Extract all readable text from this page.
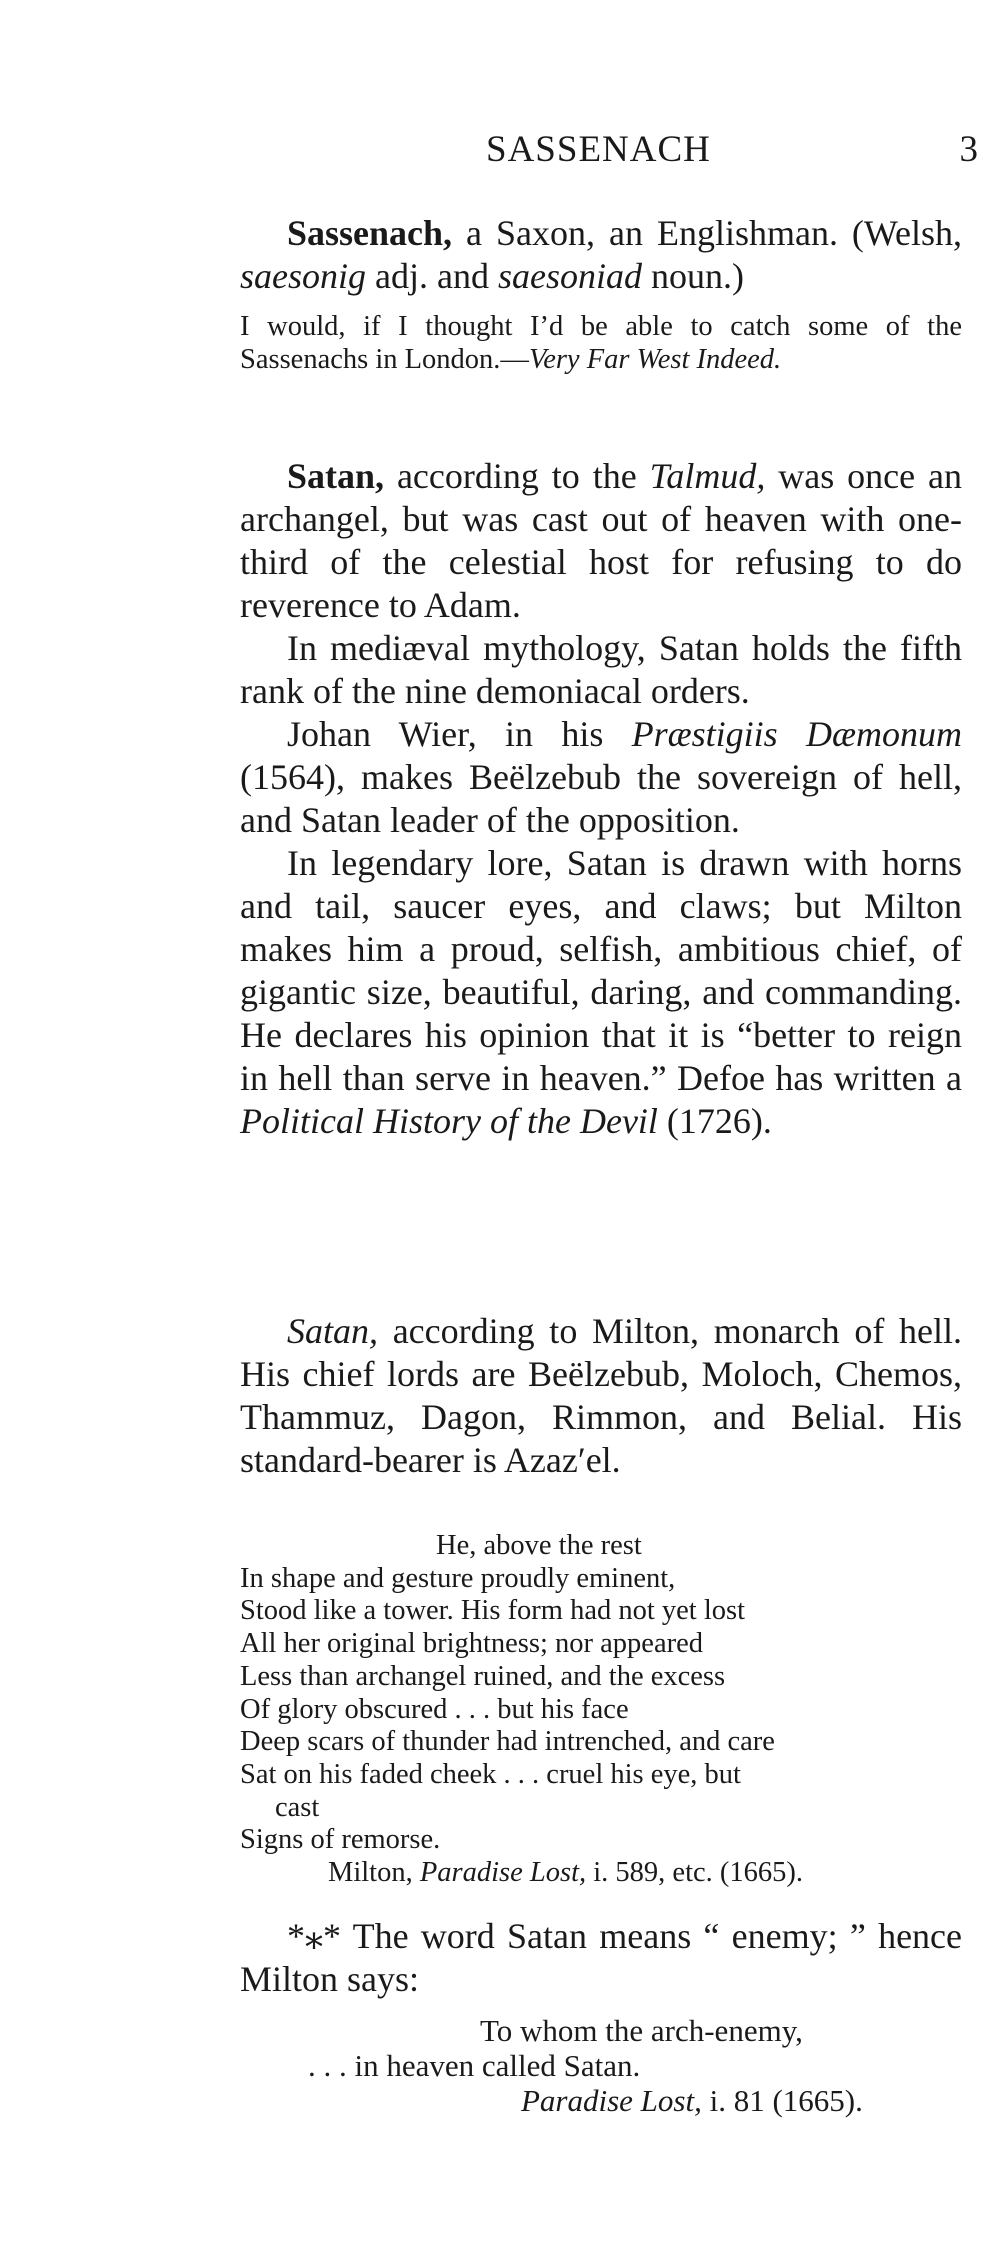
SASSENACH	3
Sassenach, a Saxon, an Englishman. (Welsh, saesonig adj. and saesoniad noun.)
I would, if I thought I’d be able to catch some of the Sassenachs in London.—Very Far West Indeed.
Satan, according to the Talmud, was once an archangel, but was cast out of heaven with one-third of the celestial host for refusing to do reverence to Adam.
In mediæval mythology, Satan holds the fifth rank of the nine demoniacal orders.
Johan Wier, in his Præstigiis Dæmonum (1564), makes Beëlzebub the sovereign of hell, and Satan leader of the opposition.
In legendary lore, Satan is drawn with horns and tail, saucer eyes, and claws; but Milton makes him a proud, selfish, ambitious chief, of gigantic size, beautiful, daring, and commanding. He declares his opinion that it is “better to reign in hell than serve in heaven.” Defoe has written a Political History of the Devil (1726).
Satan, according to Milton, monarch of hell. His chief lords are Beëlzebub, Moloch, Chemos, Thammuz, Dagon, Rimmon, and Belial. His standard-bearer is Azaz′el.
He, above the rest
In shape and gesture proudly eminent,
Stood like a tower. His form had not yet lost
All her original brightness; nor appeared
Less than archangel ruined, and the excess
Of glory obscured . . . but his face
Deep scars of thunder had intrenched, and care
Sat on his faded cheek . . . cruel his eye, but
cast
Signs of remorse.
Milton, Paradise Lost, i. 589, etc. (1665).
*⁎* The word Satan means “ enemy; ” hence Milton says:
To whom the arch-enemy,
. . . in heaven called Satan.
Paradise Lost, i. 81 (1665).
